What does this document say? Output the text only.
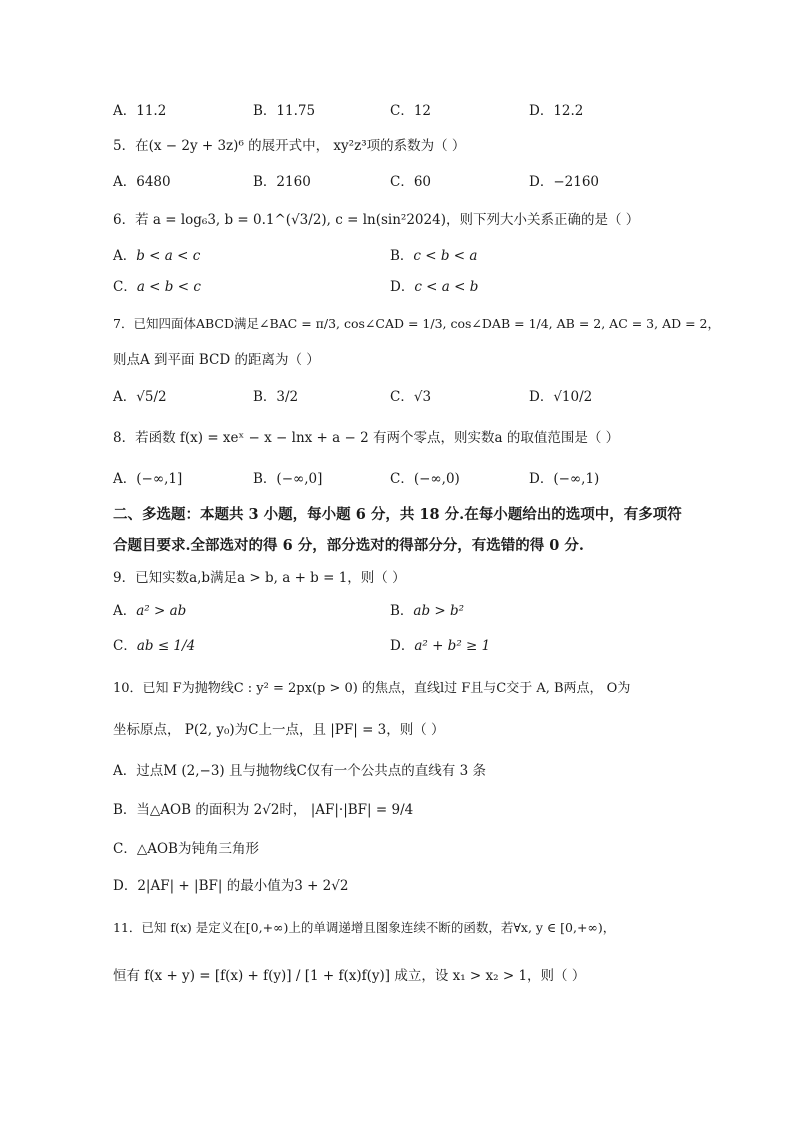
A．11.2	B．11.75	C．12	D．12.2
5．在(x − 2y + 3z)⁶ 的展开式中， xy²z³项的系数为（ ）
A．6480	B．2160	C．60	D．−2160
6．若 a = log₆3, b = 0.1^(√3/2), c = ln(sin²2024)，则下列大小关系正确的是（ ）
A．b < a < c	B．c < b < a
C．a < b < c	D．c < a < b
7．已知四面体ABCD满足∠BAC = π/3, cos∠CAD = 1/3, cos∠DAB = 1/4, AB = 2, AC = 3, AD = 2，
则点A 到平面 BCD 的距离为（ ）
A．√5/2	B．3/2	C．√3	D．√10/2
8．若函数 f(x) = xeˣ − x − lnx + a − 2 有两个零点，则实数a 的取值范围是（ ）
A．(−∞,1]	B．(−∞,0]	C．(−∞,0)	D．(−∞,1)
二、多选题：本题共 3 小题，每小题 6 分，共 18 分.在每小题给出的选项中，有多项符
合题目要求.全部选对的得 6 分，部分选对的得部分分，有选错的得 0 分.
9．已知实数a,b满足a > b, a + b = 1，则（ ）
A．a² > ab	B．ab > b²
C．ab ≤ 1/4	D．a² + b² ≥ 1
10．已知 F为抛物线C : y² = 2px(p > 0) 的焦点，直线l过 F且与C交于 A, B两点， O为
坐标原点， P(2, y₀)为C上一点，且 |PF| = 3，则（ ）
A．过点M (2,−3) 且与抛物线C仅有一个公共点的直线有 3 条
B．当△AOB 的面积为 2√2时， |AF|·|BF| = 9/4
C．△AOB为钝角三角形
D．2|AF| + |BF| 的最小值为3 + 2√2
11．已知 f(x) 是定义在[0,+∞)上的单调递增且图象连续不断的函数，若∀x, y ∈ [0,+∞)，
恒有 f(x + y) = [f(x) + f(y)] / [1 + f(x)f(y)] 成立，设 x₁ > x₂ > 1，则（ ）
